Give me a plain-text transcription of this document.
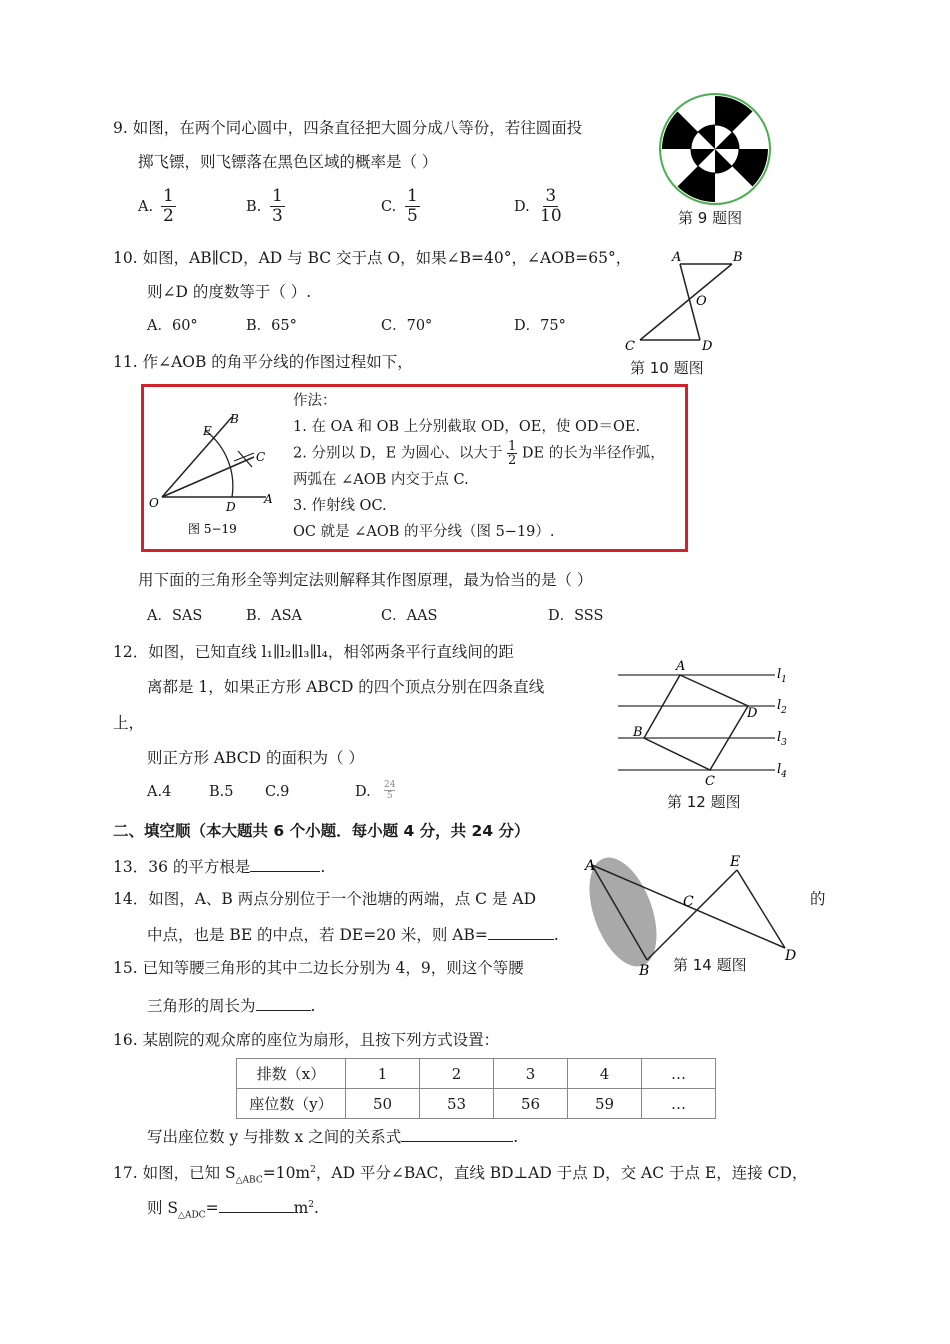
9. 如图，在两个同心圆中，四条直径把大圆分成八等份，若往圆面投
掷飞镖，则飞镖落在黑色区域的概率是（ ）
A. $\frac{1}{2}$	B. $\frac{1}{3}$	C. $\frac{1}{5}$	D. $\frac{3}{10}$	第 9 题图
10. 如图，AB∥CD，AD 与 BC 交于点 O，如果∠B=40°，∠AOB=65°，
则∠D 的度数等于（ ）.
A．60°	B．65°	C．70°	D．75°
A	B
O
C	D
第 10 题图
11. 作∠AOB 的角平分线的作图过程如下，
O	A
B
E
D
C
图 5−19
作法：
1. 在 OA 和 OB 上分别截取 OD，OE，使 OD＝OE.
2. 分别以 D，E 为圆心、以大于 $\frac{1}{2}$ DE 的长为半径作弧，
两弧在 ∠AOB 内交于点 C.
3. 作射线 OC.
OC 就是 ∠AOB 的平分线（图 5−19）.
用下面的三角形全等判定法则解释其作图原理，最为恰当的是（ ）
A．SAS	B．ASA	C．AAS	D．SSS
12．如图，已知直线 l₁∥l₂∥l₃∥l₄，相邻两条平行直线间的距
离都是 1，如果正方形 ABCD 的四个顶点分别在四条直线
上，
则正方形 ABCD 的面积为（ ）
A.4	B.5 C.9	D. 24
5
A
D
B
C
$l_1$
$l_2$
$l_3$
$l_4$
第 12 题图
二、填空顺（本大题共 6 个小题．每小题 4 分，共 24 分）
13．36 的平方根是	.
14．如图，A、B 两点分别位于一个池塘的两端，点 C 是 AD	的
中点，也是 BE 的中点，若 DE=20 米，则 AB=	.
A
B
C
D
E
第 14 题图
15. 已知等腰三角形的其中二边长分别为 4，9，则这个等腰
三角形的周长为	.
16. 某剧院的观众席的座位为扇形，且按下列方式设置：
排数（x）	1	2	3	4	…
座位数（y）	50	53	56	59	…
写出座位数 y 与排数 x 之间的关系式	.
17. 如图，已知 $S_{\triangle ABC}=10m^2$，AD 平分∠BAC，直线 BD⊥AD 于点 D，交 AC 于点 E，连接 CD，
则 $S_{\triangle ADC}=$	$m^2$.
